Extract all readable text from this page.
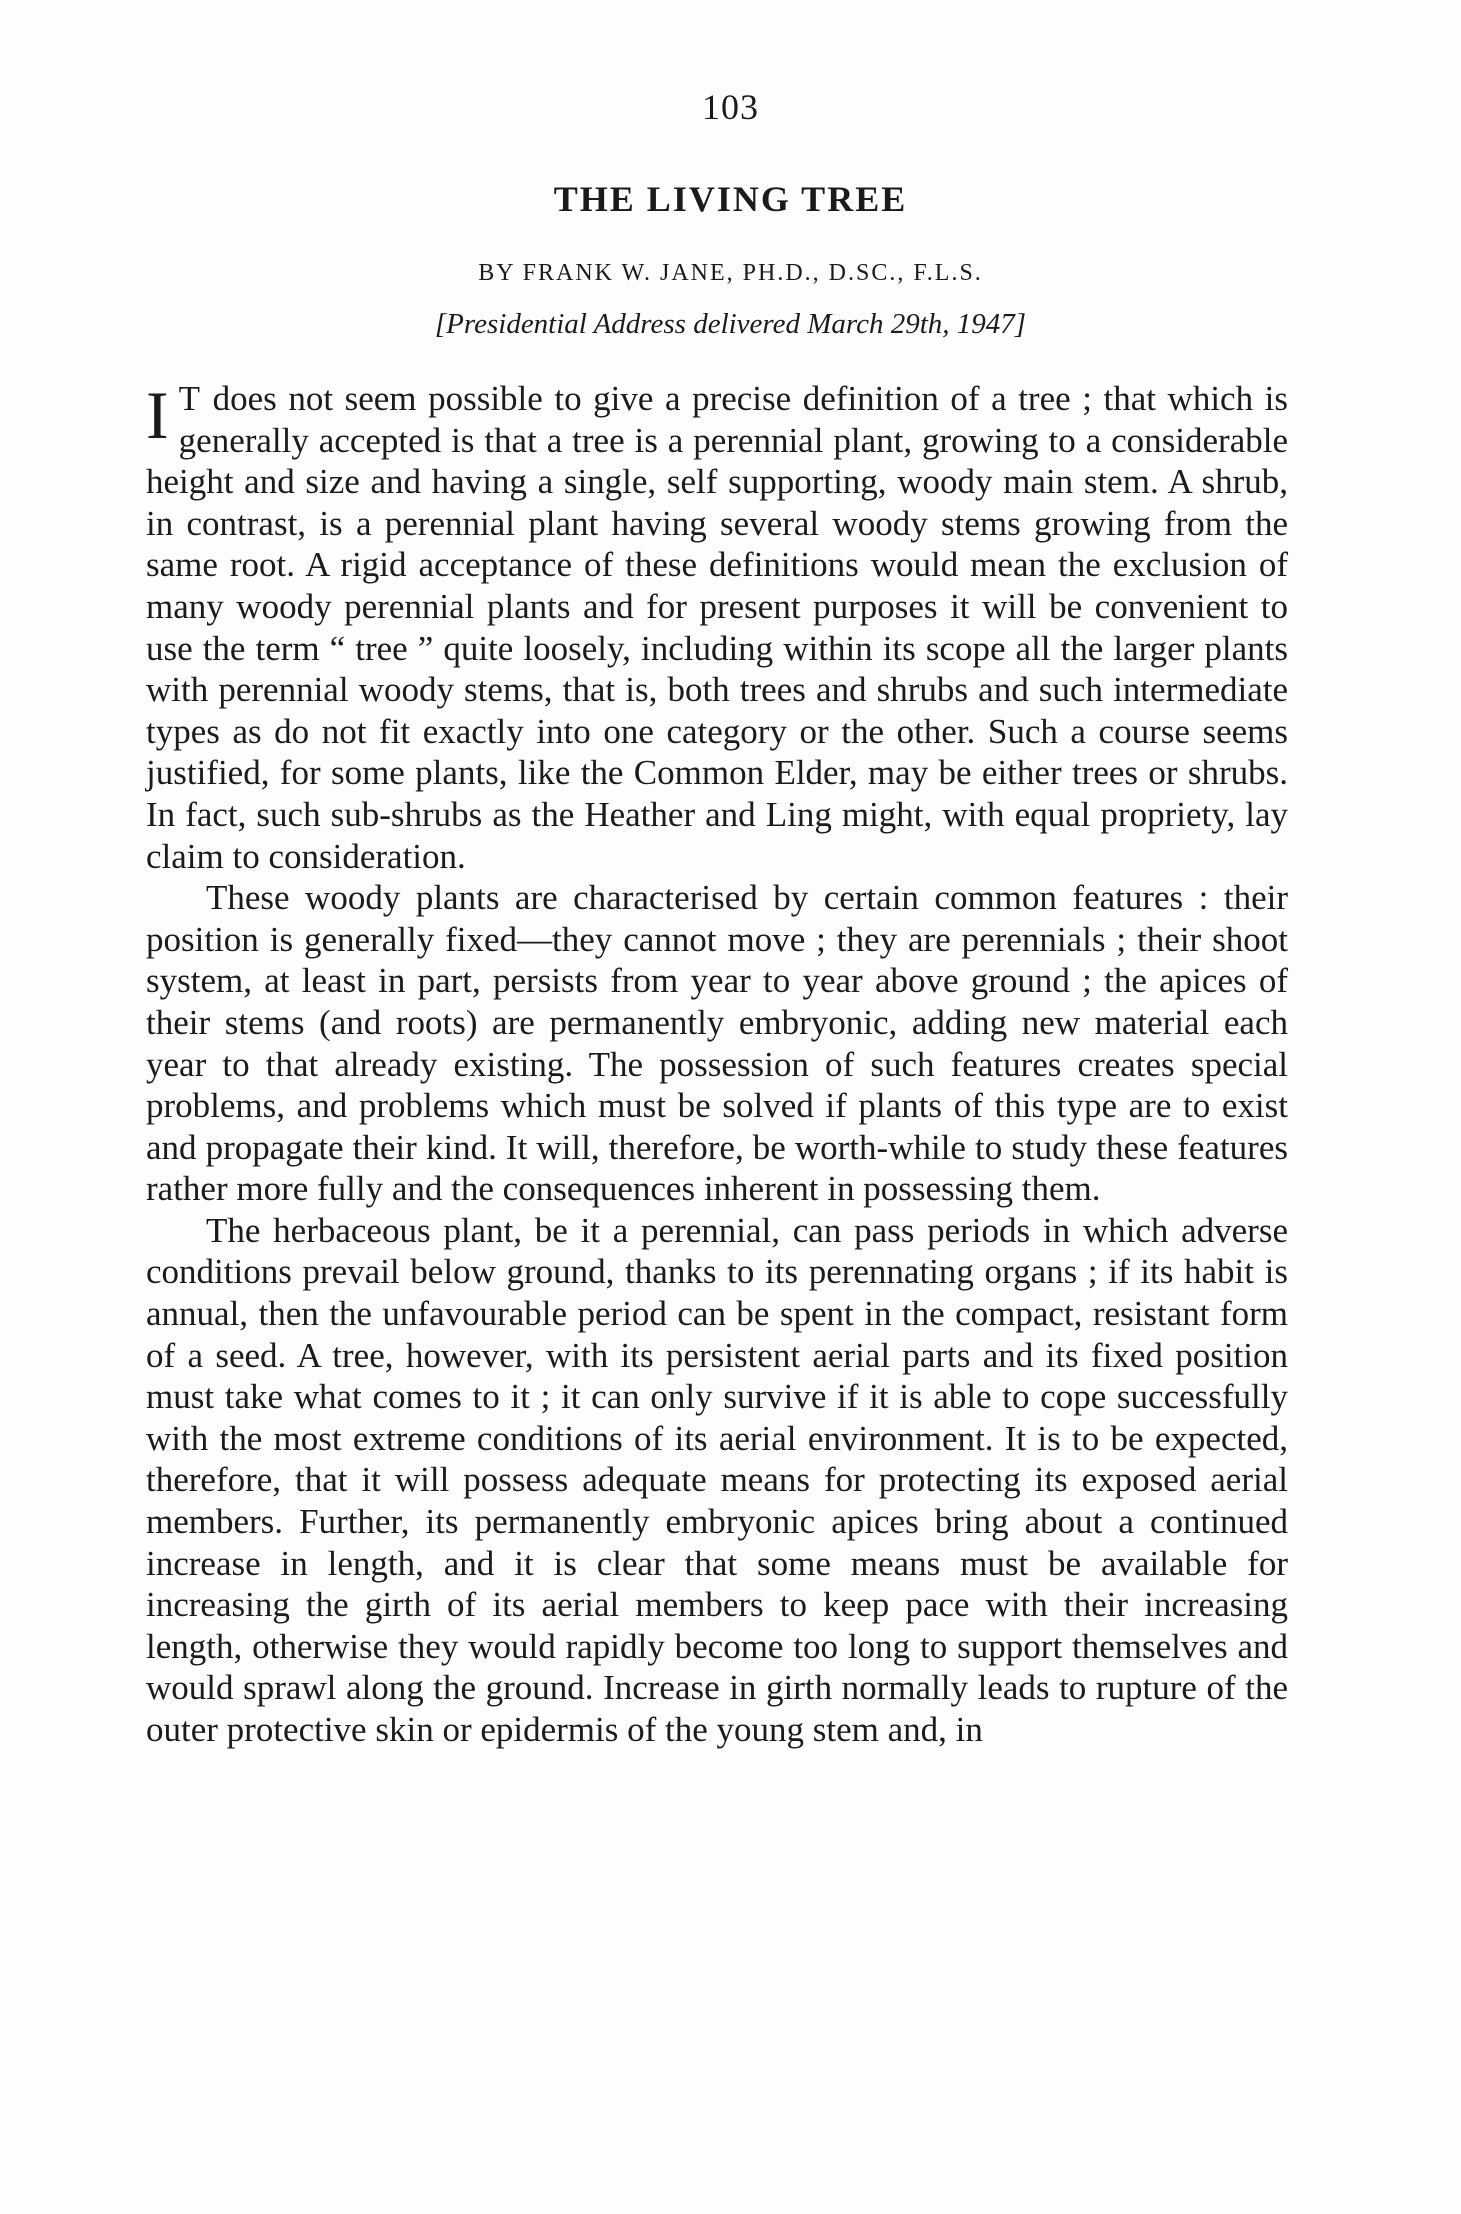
103
THE LIVING TREE
BY FRANK W. JANE, PH.D., D.SC., F.L.S.
[Presidential Address delivered March 29th, 1947]

I T does not seem possible to give a precise definition of a tree ; that which is generally accepted is that a tree is a perennial plant, growing to a considerable height and size and having a single, self supporting, woody main stem. A shrub, in contrast, is a perennial plant having several woody stems growing from the same root. A rigid acceptance of these definitions would mean the exclusion of many woody perennial plants and for present purposes it will be convenient to use the term “ tree ” quite loosely, including within its scope all the larger plants with perennial woody stems, that is, both trees and shrubs and such intermediate types as do not fit exactly into one category or the other. Such a course seems justified, for some plants, like the Common Elder, may be either trees or shrubs. In fact, such sub-shrubs as the Heather and Ling might, with equal propriety, lay claim to consideration.

These woody plants are characterised by certain common features : their position is generally fixed—they cannot move ; they are perennials ; their shoot system, at least in part, persists from year to year above ground ; the apices of their stems (and roots) are permanently embryonic, adding new material each year to that already existing. The possession of such features creates special problems, and problems which must be solved if plants of this type are to exist and propagate their kind. It will, therefore, be worth-while to study these features rather more fully and the consequences inherent in possessing them.

The herbaceous plant, be it a perennial, can pass periods in which adverse conditions prevail below ground, thanks to its perennating organs ; if its habit is annual, then the unfavourable period can be spent in the compact, resistant form of a seed. A tree, however, with its persistent aerial parts and its fixed position must take what comes to it ; it can only survive if it is able to cope successfully with the most extreme conditions of its aerial environment. It is to be expected, therefore, that it will possess adequate means for protecting its exposed aerial members. Further, its permanently embryonic apices bring about a continued increase in length, and it is clear that some means must be available for increasing the girth of its aerial members to keep pace with their increasing length, otherwise they would rapidly become too long to support themselves and would sprawl along the ground. Increase in girth normally leads to rupture of the outer protective skin or epidermis of the young stem and, in
